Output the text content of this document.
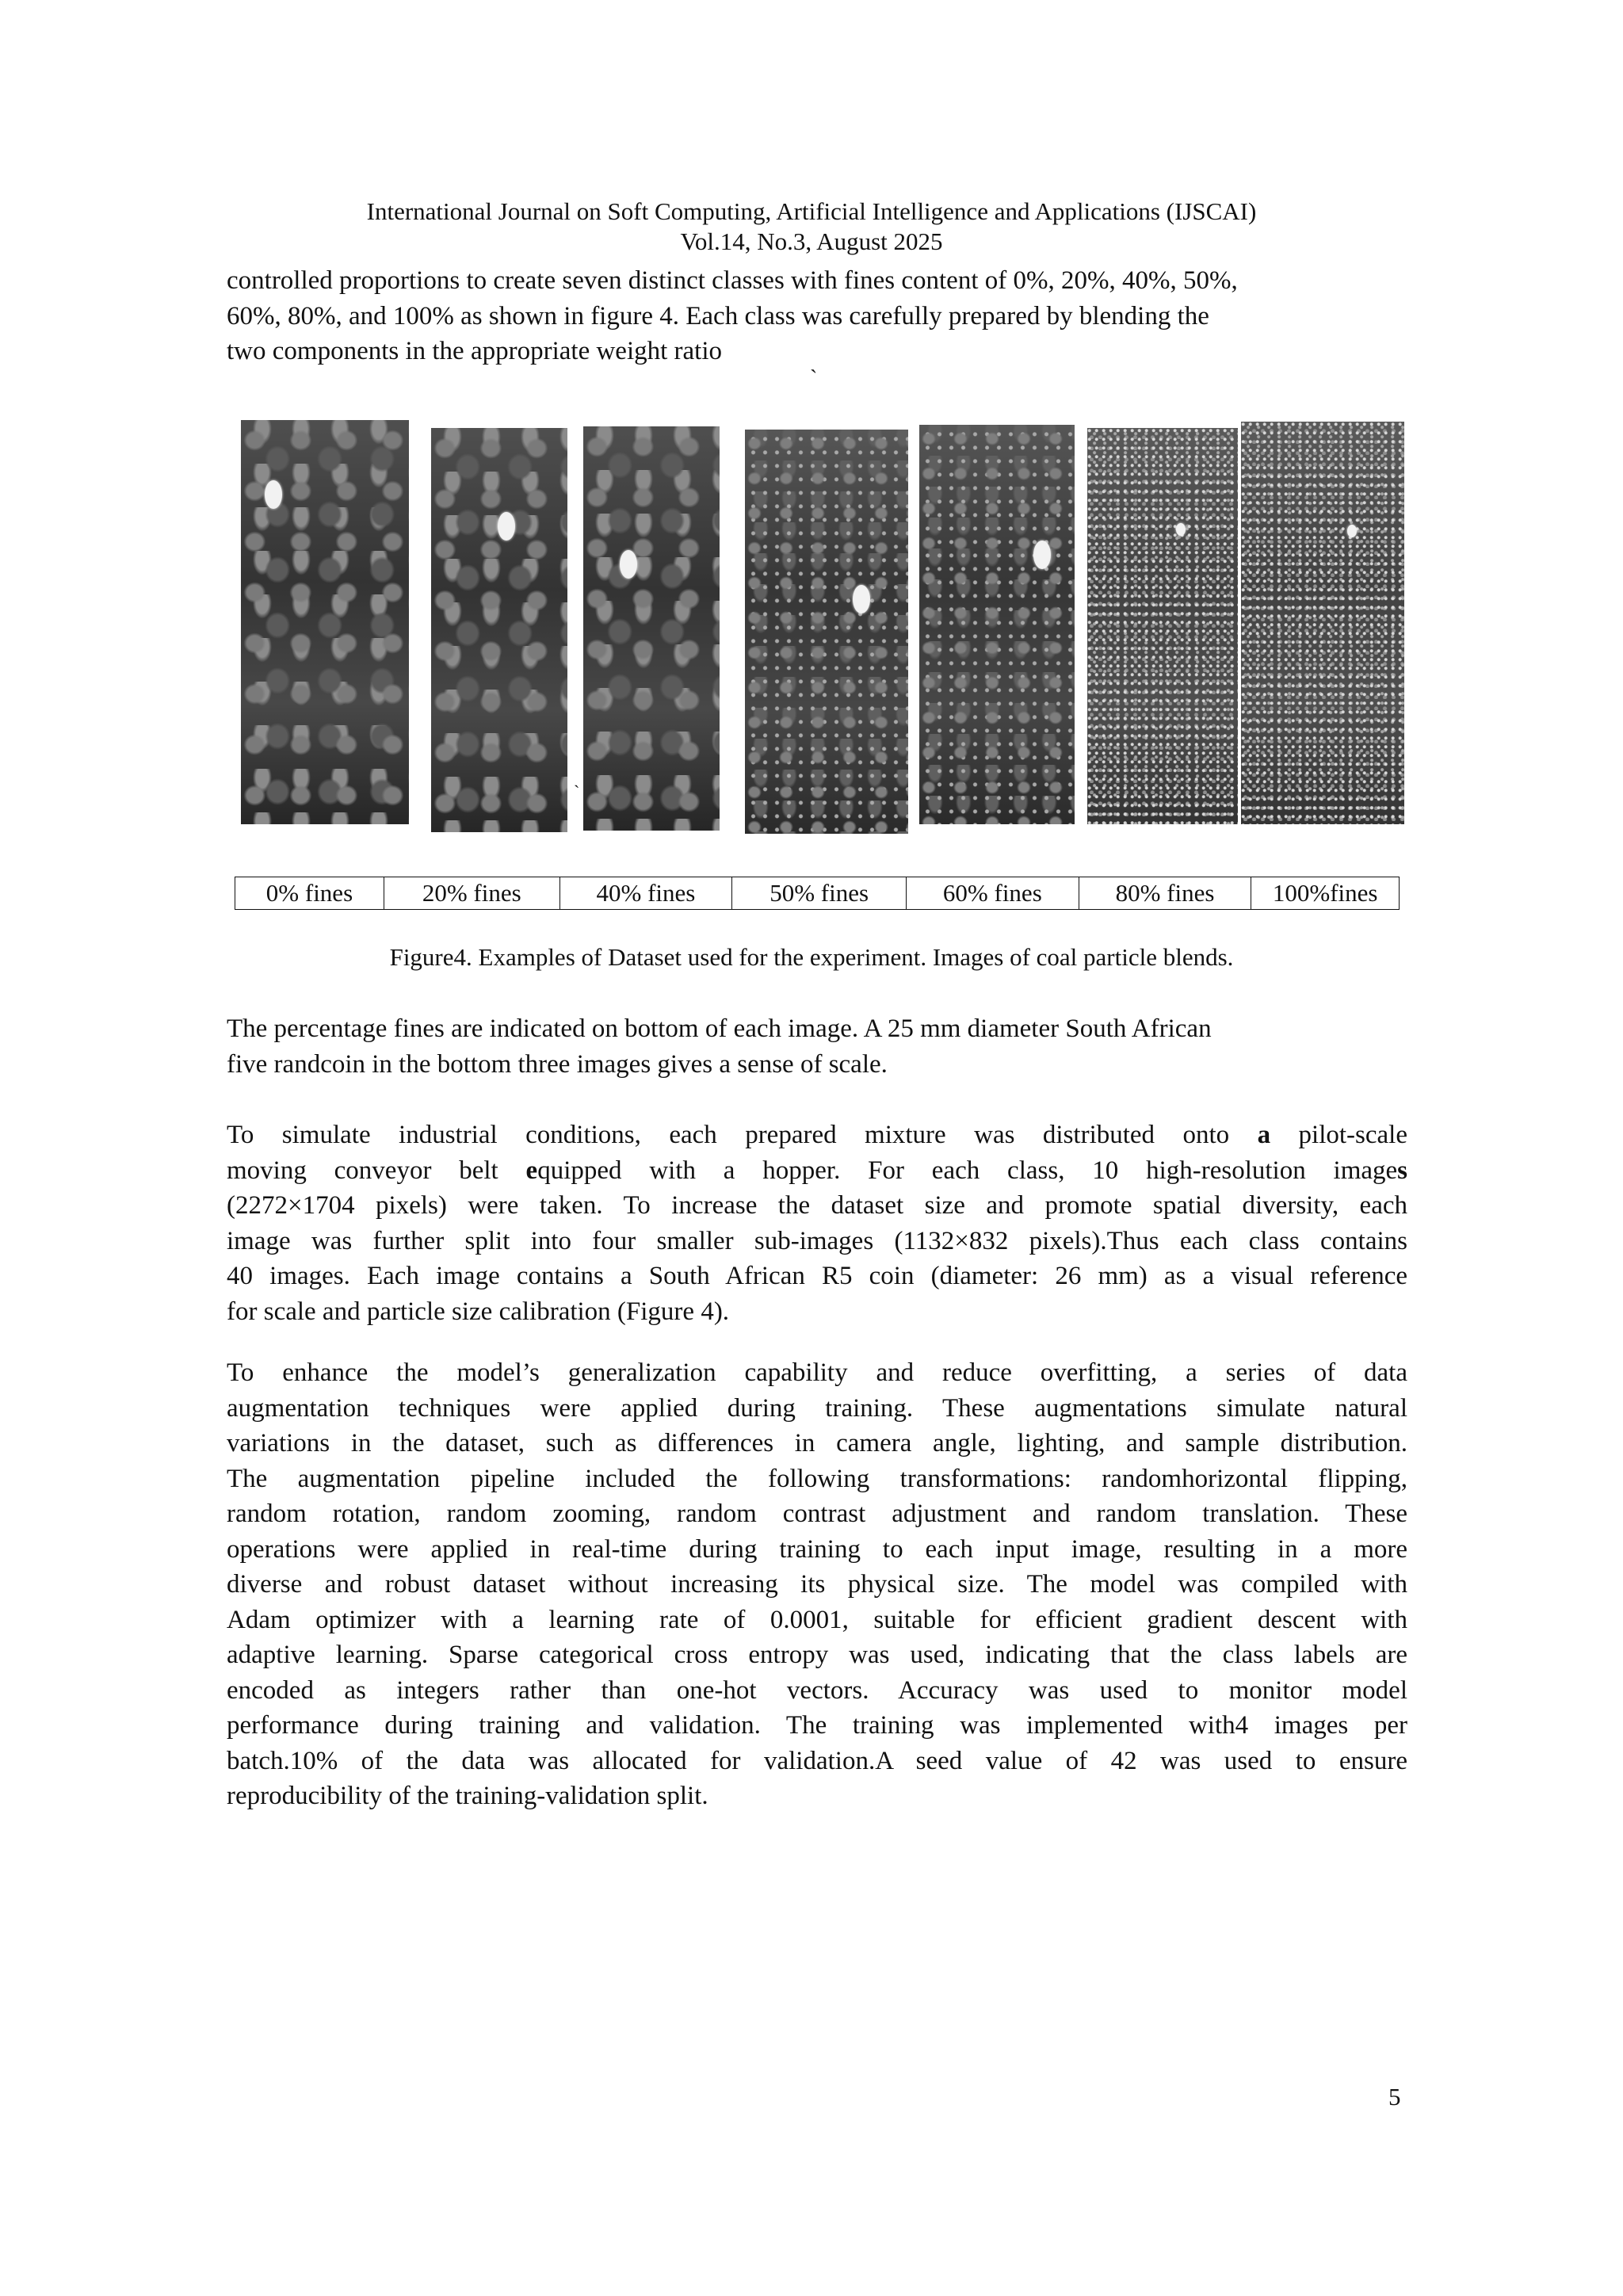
International Journal on Soft Computing, Artificial Intelligence and Applications (IJSCAI)
Vol.14, No.3, August 2025
controlled proportions to create seven distinct classes with fines content of 0%, 20%, 40%, 50%,
60%, 80%, and 100% as shown in figure 4. Each class was carefully prepared by blending the
two components in the appropriate weight ratio
`
`
0% fines	20% fines	40% fines	50% fines	60% fines	80% fines	100%fines
Figure4. Examples of Dataset used for the experiment. Images of coal particle blends.
The percentage fines are indicated on bottom of each image. A 25 mm diameter South African
five randcoin in the bottom three images gives a sense of scale.
To simulate industrial conditions, each prepared mixture was distributed onto a pilot-scale
moving conveyor belt equipped with a hopper. For each class, 10 high-resolution images
(2272×1704 pixels) were taken. To increase the dataset size and promote spatial diversity, each
image was further split into four smaller sub-images (1132×832 pixels).Thus each class contains
40 images. Each image contains a South African R5 coin (diameter: 26 mm) as a visual reference
for scale and particle size calibration (Figure 4).
To enhance the model’s generalization capability and reduce overfitting, a series of data
augmentation techniques were applied during training. These augmentations simulate natural
variations in the dataset, such as differences in camera angle, lighting, and sample distribution.
The augmentation pipeline included the following transformations: randomhorizontal flipping,
random rotation, random zooming, random contrast adjustment and random translation. These
operations were applied in real-time during training to each input image, resulting in a more
diverse and robust dataset without increasing its physical size. The model was compiled with
Adam optimizer with a learning rate of 0.0001, suitable for efficient gradient descent with
adaptive learning. Sparse categorical cross entropy was used, indicating that the class labels are
encoded as integers rather than one-hot vectors. Accuracy was used to monitor model
performance during training and validation. The training was implemented with4 images per
batch.10% of the data was allocated for validation.A seed value of 42 was used to ensure
reproducibility of the training-validation split.
5
